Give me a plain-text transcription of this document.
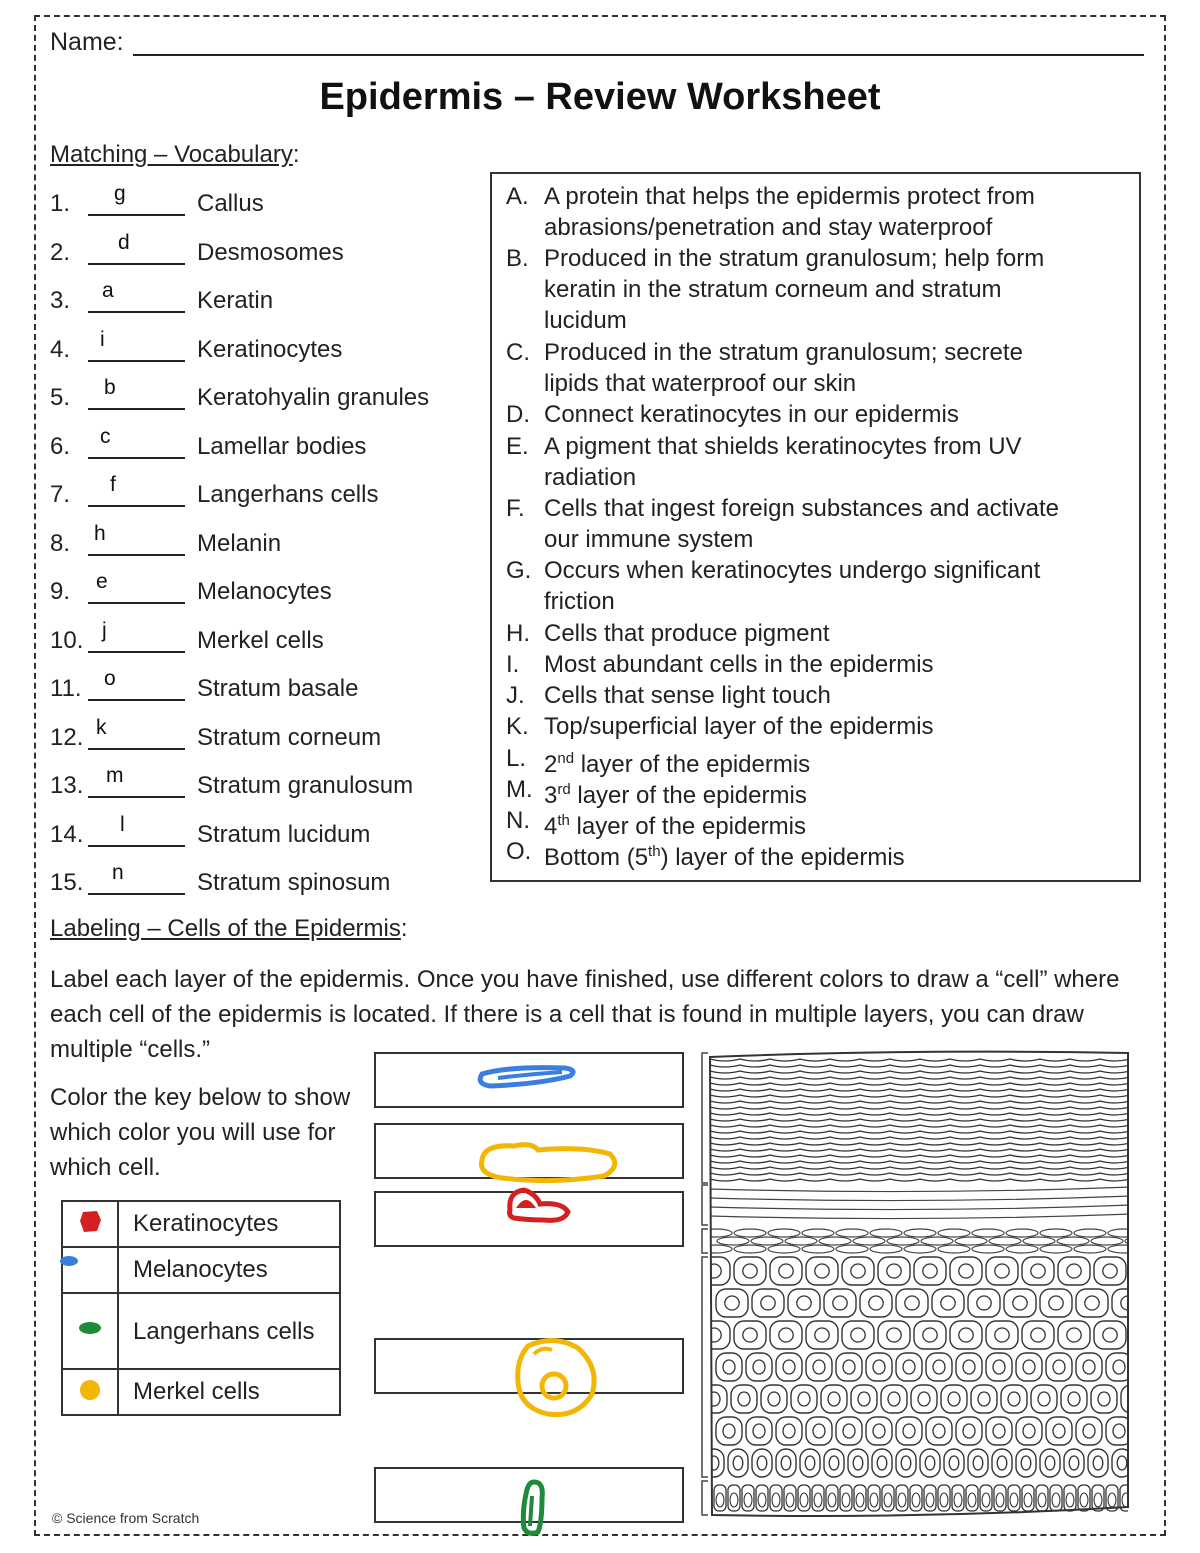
Name:
Epidermis – Review Worksheet
Matching – Vocabulary:
1. g	Callus
2. d	Desmosomes
3. a	Keratin
4. i	Keratinocytes
5. b	Keratohyalin granules
6. c	Lamellar bodies
7. f	Langerhans cells
8. h	Melanin
9. e	Melanocytes
10. j	Merkel cells
11. o	Stratum basale
12. k	Stratum corneum
13. m	Stratum granulosum
14. l	Stratum lucidum
15. n	Stratum spinosum
A. A protein that helps the epidermis protect from
abrasions/penetration and stay waterproof
B. Produced in the stratum granulosum; help form
keratin in the stratum corneum and stratum
lucidum
C. Produced in the stratum granulosum; secrete
lipids that waterproof our skin
D. Connect keratinocytes in our epidermis
E. A pigment that shields keratinocytes from UV
radiation
F. Cells that ingest foreign substances and activate
our immune system
G. Occurs when keratinocytes undergo significant
friction
H. Cells that produce pigment
I.	Most abundant cells in the epidermis
J. Cells that sense light touch
K. Top/superficial layer of the epidermis
L. 2nd layer of the epidermis
M. 3rd layer of the epidermis
N. 4th layer of the epidermis
O. Bottom (5th) layer of the epidermis
Labeling – Cells of the Epidermis:
Label each layer of the epidermis. Once you have finished, use different colors to draw a “cell” where each cell of the epidermis is located. If there is a cell that is found in multiple layers, you can draw multiple “cells.”
Color the key below to show which color you will use for which cell.
	Keratinocytes
	Melanocytes
	Langerhans cells
	Merkel cells
© Science from Scratch
